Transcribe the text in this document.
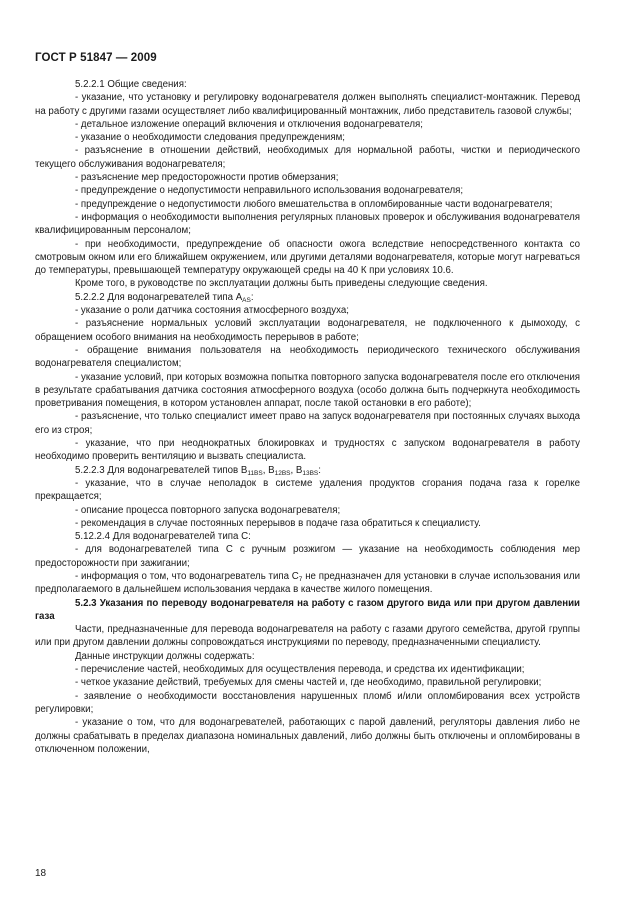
ГОСТ Р 51847 — 2009

5.2.2.1 Общие сведения:

- указание, что установку и регулировку водонагревателя должен выполнять специалист-монтажник. Перевод на работу с другими газами осуществляет либо квалифицированный монтажник, либо представитель газовой службы;

- детальное изложение операций включения и отключения водонагревателя;

- указание о необходимости следования предупреждениям;

- разъяснение в отношении действий, необходимых для нормальной работы, чистки и периодического текущего обслуживания водонагревателя;

- разъяснение мер предосторожности против обмерзания;

- предупреждение о недопустимости неправильного использования водонагревателя;

- предупреждение о недопустимости любого вмешательства в опломбированные части водонагревателя;

- информация о необходимости выполнения регулярных плановых проверок и обслуживания водонагревателя квалифицированным персоналом;

- при необходимости, предупреждение об опасности ожога вследствие непосредственного контакта со смотровым окном или его ближайшем окружением, или другими деталями водонагревателя, которые могут нагреваться до температуры, превышающей температуру окружающей среды на 40 К при условиях 10.6.

Кроме того, в руководстве по эксплуатации должны быть приведены следующие сведения.

5.2.2.2 Для водонагревателей типа $A_{AS}$:

- указание о роли датчика состояния атмосферного воздуха;

- разъяснение нормальных условий эксплуатации водонагревателя, не подключенного к дымоходу, с обращением особого внимания на необходимость перерывов в работе;

- обращение внимания пользователя на необходимость периодического технического обслуживания водонагревателя специалистом;

- указание условий, при которых возможна попытка повторного запуска водонагревателя после его отключения в результате срабатывания датчика состояния атмосферного воздуха (особо должна быть подчеркнута необходимость проветривания помещения, в котором установлен аппарат, после такой остановки в его работе);

- разъяснение, что только специалист имеет право на запуск водонагревателя при постоянных случаях выхода его из строя;

- указание, что при неоднократных блокировках и трудностях с запуском водонагревателя в работу необходимо проверить вентиляцию и вызвать специалиста.

5.2.2.3 Для водонагревателей типов $B_{11BS}$, $B_{12BS}$, $B_{13BS}$:

- указание, что в случае неполадок в системе удаления продуктов сгорания подача газа к горелке прекращается;

- описание процесса повторного запуска водонагревателя;

- рекомендация в случае постоянных перерывов в подаче газа обратиться к специалисту.

5.12.2.4 Для водонагревателей типа С:

- для водонагревателей типа С с ручным розжигом — указание на необходимость соблюдения мер предосторожности при зажигании;

- информация о том, что водонагреватель типа $С_7$ не предназначен для установки в случае использования или предполагаемого в дальнейшем использования чердака в качестве жилого помещения.

5.2.3 Указания по переводу водонагревателя на работу с газом другого вида или при другом давлении газа

Части, предназначенные для перевода водонагревателя на работу с газами другого семейства, другой группы или при другом давлении должны сопровождаться инструкциями по переводу, предназначенными специалисту.

Данные инструкции должны содержать:

- перечисление частей, необходимых для осуществления перевода, и средства их идентификации;

- четкое указание действий, требуемых для смены частей и, где необходимо, правильной регулировки;

- заявление о необходимости восстановления нарушенных пломб и/или опломбирования всех устройств регулировки;

- указание о том, что для водонагревателей, работающих с парой давлений, регуляторы давления либо не должны срабатывать в пределах диапазона номинальных давлений, либо должны быть отключены и опломбированы в отключенном положении,

18
